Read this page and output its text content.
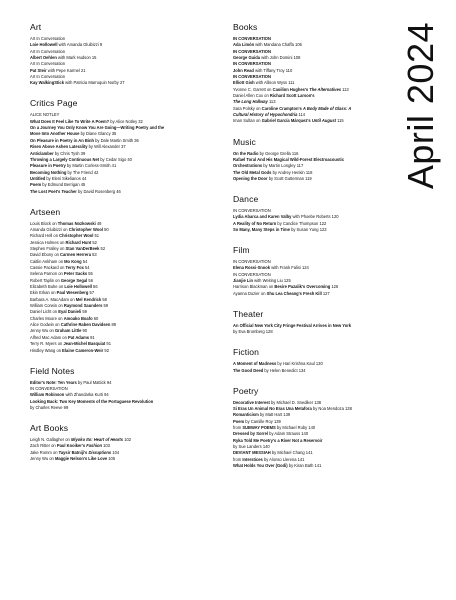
Art
Art In Conversation
Loie Hollowell with Amanda Gluibizzi 9
Art In Conversation
Albert Oehlen with Mark Hudson 15
Art In Conversation
Pat Steir with Pepe Karmel 21
Art In Conversation
Kay WalkingStick with Patricia Marroquin Norby 27
Critics Page
ALICE NOTLEY
What Does It Feel Like To Write A Poem? by Alice Notley 32
On a Journey You Only Know You Are Going—Writing Poetry and the
Move Into Another House by Diane Glancy 35
On Pleasure in Poetry in An Binh by Dale Martin Smith 36
Risen Above Ashen Laterality by Will Alexander 37
Anticlamber by Chris Tysh 39
Throwing a Largely Continuous Net by Cedar Sigo 40
Pleasure in Poetry by Martin Corless-Smith 41
Becoming Nothing by The Friend 42
Untitled by Eleni Sikelianos 44
Poem by Edmund Berrigan 45
The Lost Poet's Teacher by David Rosenberg 46
Artseen
Louis Block on Thomas Nozkowski 48
Amanda Gluibizzi on Christopher Wool 50
Richard Hell on Christopher Wool 51
Jessica Holmes on Richard Hunt 52
Stephen Fralley on Stan VanDerBeek 52
David Ebony on Carmen Herrera 53
Caitlin Ankham on Mo Kong 54
Cassie Packard on Terry Fox 54
Selena Parnon on Peter Sacks 55
Robert Taplin on George Segal 56
Elizabeth Buhe on Loie Hollowell 56
Ekin Erkan on Paul Wesenberg 57
Barbara A. MacAdam on Mel Kendrick 58
William Corwin on Raymond Saunders 59
Daniel Licht on Eyal Danieli 59
Charles Moore on Amoako Boafo 60
Alice Godwin on Cathrine Raben Davidsen 89
Jenny Wu on Graham Little 90
Alfred Mac Adam on Pat Adams 91
Terry R. Myers on Jean-Michel Basquiat 91
Hindley Wang on Elaine Cameron-Weir 92
Field Notes
Editor's Note: Ten Years by Paul Mattick 94
IN CONVERSATION
William Robinson with Zhandarka Kurti 94
Looking Back: Two Key Moments of the Portuguese Revolution
by Charles Reeve 99
Art Books
Leigh N. Gallagher on Miyoko Ito: Heart of Hearts 102
Zach Ritter on Paul Kooiker's Fashion 103
Jake Romm on Taysir Batniji's Disruptions 104
Jenny Wu on Maggie Nelson's Like Love 105
Books
IN CONVERSATION
Ada Limón with Mandana Chaffa 106
IN CONVERSATION
George Guida with John Domini 108
IN CONVERSATION
John Read with Tiffany Troy 110
IN CONVERSATION
Elliott Gish with Allison Wyss 111
Yvonne C. Garrett on Caoilinn Hughes's The Alternatives 113
Daniel Allen Cox on Richard Scott Larson's
The Long Hallway 113
Sara Polsky on Caroline Crampton's A Body Made of Glass: A
Cultural History of Hypochondria 114
Iman Sultan on Gabriel García Márquez's Until August 115
Music
On the Radio by George Grella 116
Rafael Toral And His Magical Wild-Forest Electroacoustic
Orchestrations by Martin Longley 117
The Old Metal Gods by Andrey Henkin 118
Opening the Door by Scott Gutterman 119
Dance
IN CONVERSATION
Lydia Abarca and Karen Valby with Phoebe Roberts 120
A Reality of No Return by Candice Thompson 122
So Many, Many Steps in Time by Susan Yung 123
Film
IN CONVERSATION
Elena Rossi-Snook with Frank Falisi 124
IN CONVERSATION
Jianjie Lin with Weiting Liu 125
Harrison Blackman on Besire Pazalik's Overcoming 126
Ayanna Dozier on Shu Lea Cheang's Fresh Kill 127
Theater
An Official New York City Fringe Festival Arrives in New York
by Eva Bromberg 128
Fiction
A Moment of Madness by Hari Krishna Kaul 130
The Good Deed by Helen Benedict 134
Poetry
Decorative Interest by Michael D. Snediker 138
Si Eras Un Animal No Eras Una Metafora by Noa Mendoza 138
Romanticism by Matt Hart 139
Poem by Camille Roy 139
from SUBWAY POEMS by Michael Ruby 140
Dressed by Sorrel by Adam Strauss 140
Ryka Told Me Poetry's a River Not a Reservoir
by Sue Landers 140
DEVIANT MESSIAH by Michael Chang 141
from Interstices by Alonso Llerena 141
What Holds You Over (Godi) by Kiran Bath 141
April 2024
